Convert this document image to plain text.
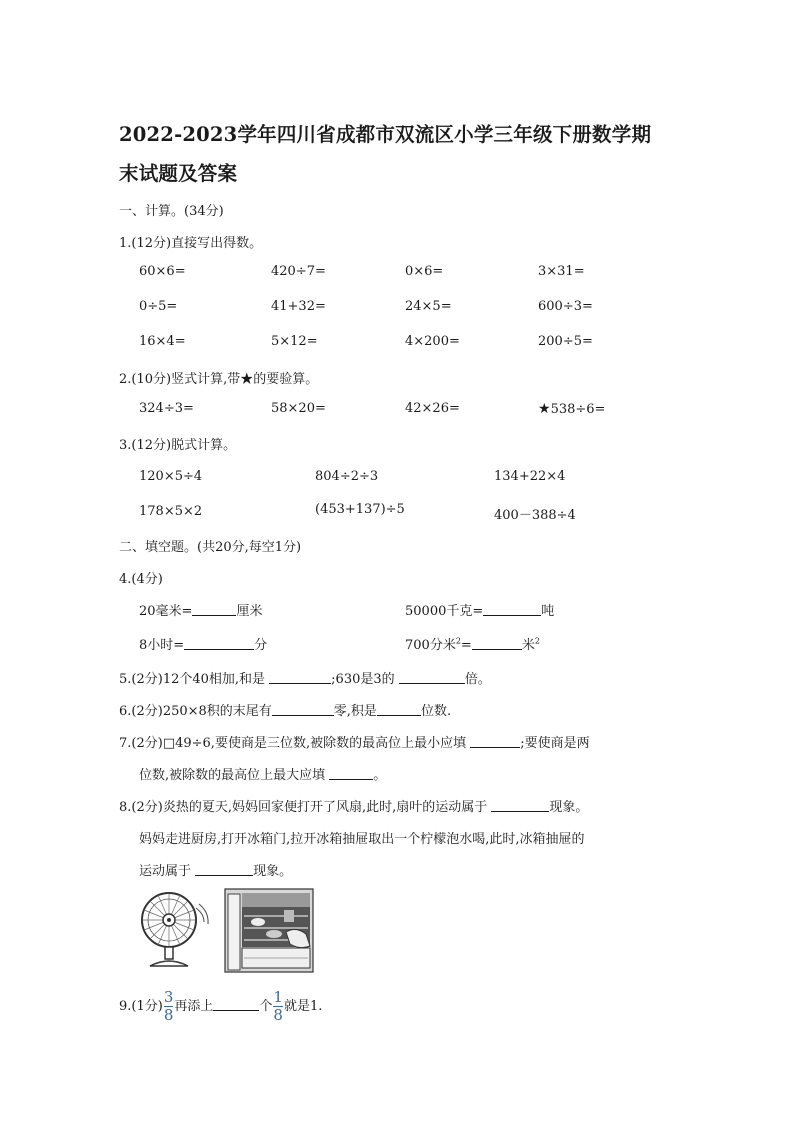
2022-2023学年四川省成都市双流区小学三年级下册数学期
末试题及答案
一、计算。(34分)
1.(12分)直接写出得数。
60×6=	420÷7=	0×6=	3×31=
0÷5=	41+32=	24×5=	600÷3=
16×4=	5×12=	4×200=	200÷5=
2.(10分)竖式计算,带★的要验算。
324÷3=	58×20=	42×26=	★538÷6=
3.(12分)脱式计算。
120×5÷4	804÷2÷3	134+22×4
178×5×2	(453+137)÷5	400－388÷4
二、填空题。(共20分,每空1分)
4.(4分)
20毫米=	厘米	50000千克=	吨
8小时=	分	700分米$^2$=	米$^2$
5.(2分)12个40相加,和是	;630是3的	倍。
6.(2分)250×8积的末尾有	零,积是	位数.
7.(2分)□49÷6,要使商是三位数,被除数的最高位上最小应填	;要使商是两
位数,被除数的最高位上最大应填	。
8.(2分)炎热的夏天,妈妈回家便打开了风扇,此时,扇叶的运动属于	现象。
妈妈走进厨房,打开冰箱门,拉开冰箱抽屉取出一个柠檬泡水喝,此时,冰箱抽屉的
运动属于	现象。
9.(1分) $\frac{3}{8}$ 再添上	个 $\frac{1}{8}$ 就是1.
